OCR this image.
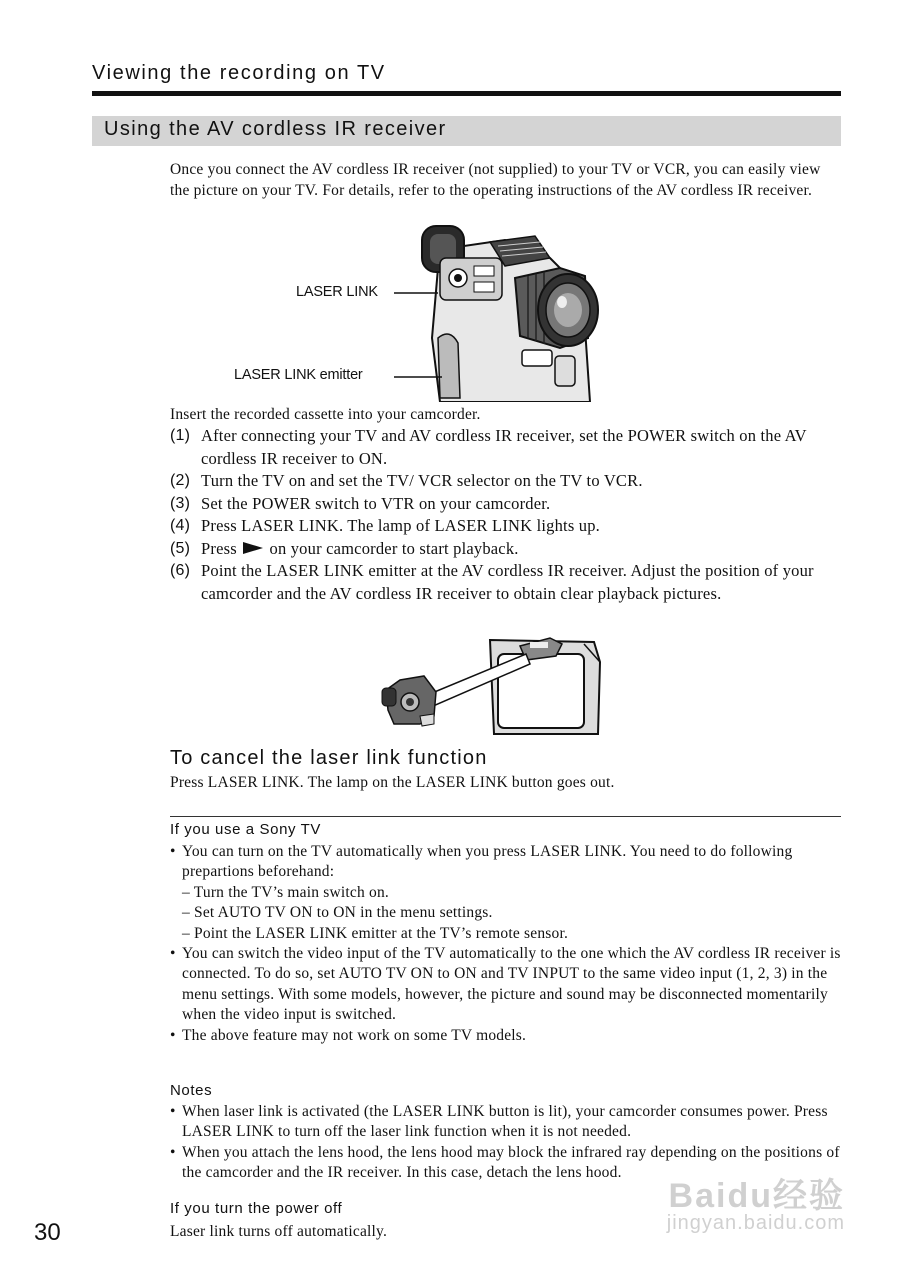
Viewing the recording on TV
Using the AV cordless IR receiver
Once you connect the AV cordless IR receiver (not supplied) to your TV or VCR, you can easily view the picture on your TV. For details, refer to the operating instructions of the AV cordless IR receiver.
LASER LINK
LASER LINK emitter
Insert the recorded cassette into your camcorder.
(1) After connecting your TV and AV cordless IR receiver, set the POWER switch on the AV cordless IR receiver to ON.
(2) Turn the TV on and set the TV/ VCR selector on the TV to VCR.
(3) Set the POWER switch to VTR on your camcorder.
(4) Press LASER LINK. The lamp of LASER LINK lights up.
(5) Press on your camcorder to start playback.
(6) Point the LASER LINK emitter at the AV cordless IR receiver. Adjust the position of your camcorder and the AV cordless IR receiver to obtain clear playback pictures.
To cancel the laser link function
Press LASER LINK. The lamp on the LASER LINK button goes out.
If you use a Sony TV
• You can turn on the TV automatically when you press LASER LINK. You need to do following prepartions beforehand:
– Turn the TV’s main switch on.
– Set AUTO TV ON to ON in the menu settings.
– Point the LASER LINK emitter at the TV’s remote sensor.
• You can switch the video input of the TV automatically to the one which the AV cordless IR receiver is connected. To do so, set AUTO TV ON to ON and TV INPUT to the same video input (1, 2, 3) in the menu settings. With some models, however, the picture and sound may be disconnected momentarily when the video input is switched.
• The above feature may not work on some TV models.
Notes
• When laser link is activated (the LASER LINK button is lit), your camcorder consumes power. Press LASER LINK to turn off the laser link function when it is not needed.
• When you attach the lens hood, the lens hood may block the infrared ray depending on the positions of the camcorder and the IR receiver. In this case, detach the lens hood.
If you turn the power off
Laser link turns off automatically.
30
Baidu经验
jingyan.baidu.com
